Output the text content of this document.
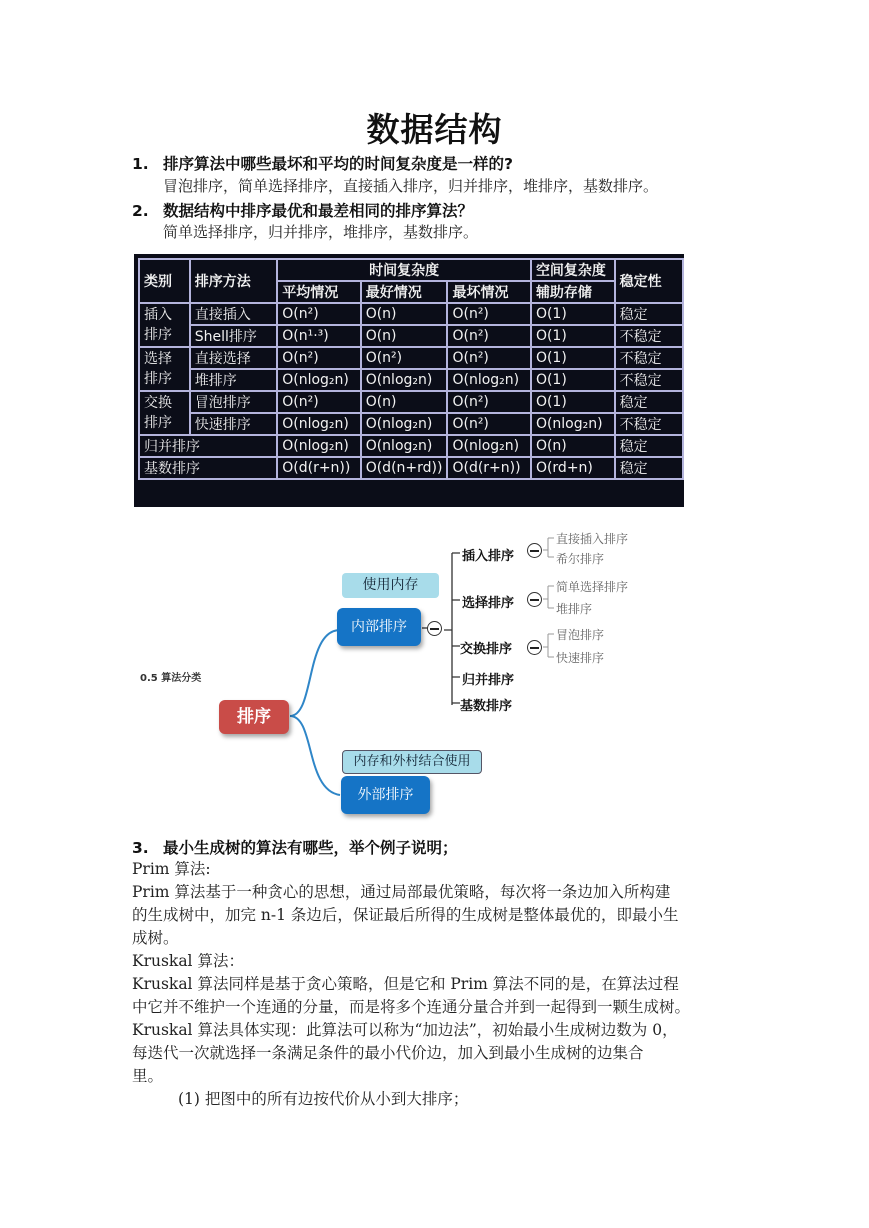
数据结构
1. 排序算法中哪些最坏和平均的时间复杂度是一样的?
冒泡排序，简单选择排序，直接插入排序，归并排序，堆排序，基数排序。
2. 数据结构中排序最优和最差相同的排序算法？
简单选择排序，归并排序，堆排序，基数排序。
类别	排序方法	时间复杂度			空间复杂度	稳定性
		平均情况	最好情况	最坏情况	辅助存储	
插入排序	直接插入	O(n²)	O(n)	O(n²)	O(1)	稳定
	Shell排序	O(n¹·³)	O(n)	O(n²)	O(1)	不稳定
选择排序	直接选择	O(n²)	O(n²)	O(n²)	O(1)	不稳定
	堆排序	O(nlog₂n)	O(nlog₂n)	O(nlog₂n)	O(1)	不稳定
交换排序	冒泡排序	O(n²)	O(n)	O(n²)	O(1)	稳定
	快速排序	O(nlog₂n)	O(nlog₂n)	O(n²)	O(nlog₂n)	不稳定
归并排序		O(nlog₂n)	O(nlog₂n)	O(nlog₂n)	O(n)	稳定
基数排序		O(d(r+n))	O(d(n+rd))	O(d(r+n))	O(rd+n)	稳定
0.5 算法分类
排序
使用内存
内部排序
内存和外村结合使用
外部排序
插入排序
直接插入排序
希尔排序
选择排序
简单选择排序
堆排序
交换排序
冒泡排序
快速排序
归并排序
基数排序
3. 最小生成树的算法有哪些，举个例子说明；
Prim 算法:
Prim 算法基于一种贪心的思想，通过局部最优策略，每次将一条边加入所构建
的生成树中，加完 n-1 条边后，保证最后所得的生成树是整体最优的，即最小生
成树。
Kruskal 算法：
Kruskal 算法同样是基于贪心策略，但是它和 Prim 算法不同的是，在算法过程
中它并不维护一个连通的分量，而是将多个连通分量合并到一起得到一颗生成树。
Kruskal 算法具体实现：此算法可以称为“加边法”，初始最小生成树边数为 0，
每迭代一次就选择一条满足条件的最小代价边，加入到最小生成树的边集合
里。
(1) 把图中的所有边按代价从小到大排序；
